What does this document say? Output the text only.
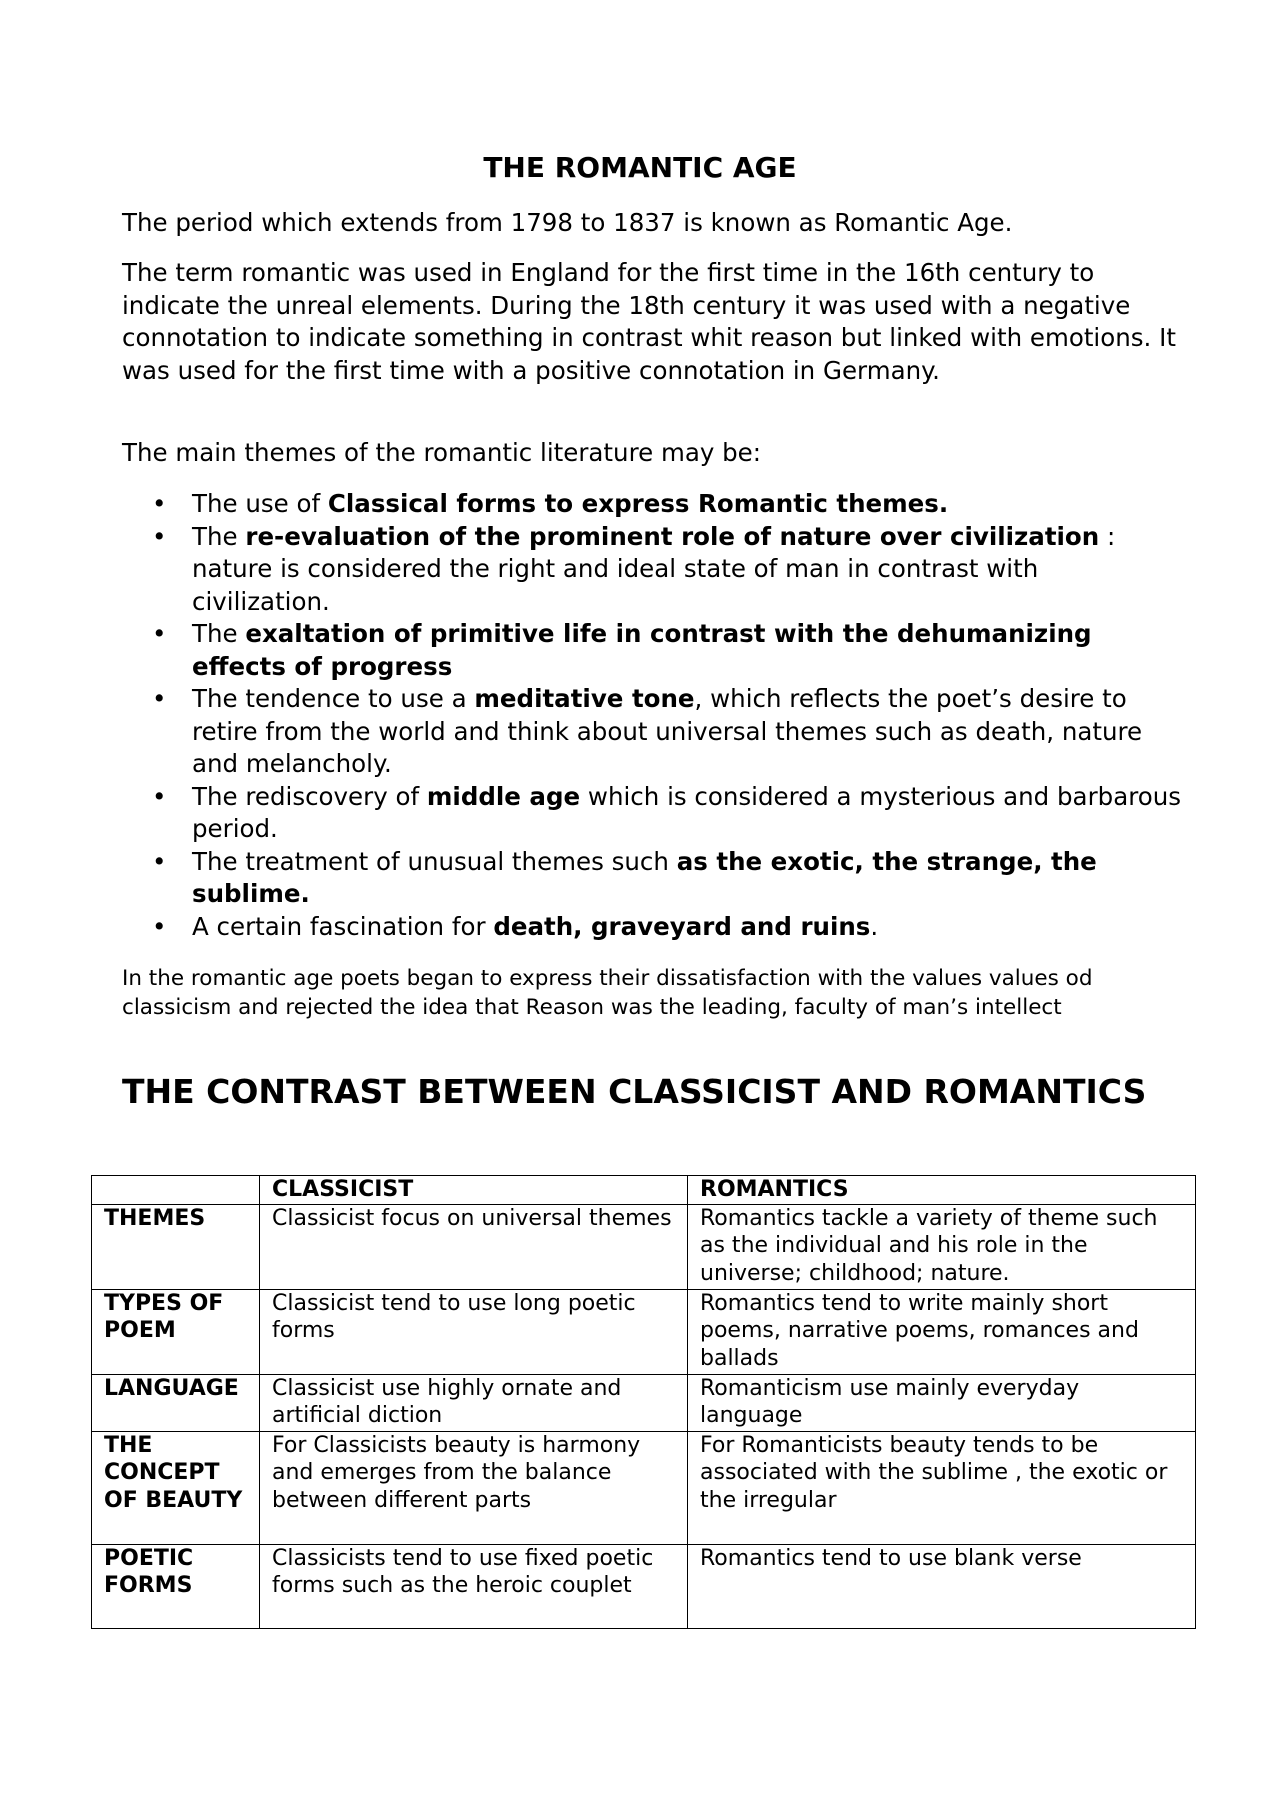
THE ROMANTIC AGE

The period which extends from 1798 to 1837 is known as Romantic Age.

The term romantic was used in England for the first time in the 16th century to indicate the unreal elements. During the 18th century it was used with a negative connotation to indicate something in contrast whit reason but linked with emotions. It was used for the first time with a positive connotation in Germany.

The main themes of the romantic literature may be:

• The use of Classical forms to express Romantic themes.
• The re-evaluation of the prominent role of nature over civilization : nature is considered the right and ideal state of man in contrast with civilization.
• The exaltation of primitive life in contrast with the dehumanizing effects of progress
• The tendence to use a meditative tone, which reflects the poet’s desire to retire from the world and think about universal themes such as death, nature and melancholy.
• The rediscovery of middle age which is considered a mysterious and barbarous period.
• The treatment of unusual themes such as the exotic, the strange, the sublime.
• A certain fascination for death, graveyard and ruins.

In the romantic age poets began to express their dissatisfaction with the values values od classicism and rejected the idea that Reason was the leading, faculty of man’s intellect

THE CONTRAST BETWEEN CLASSICIST AND ROMANTICS
	CLASSICIST	ROMANTICS
THEMES	Classicist focus on universal themes	Romantics tackle a variety of theme such as the individual and his role in the universe; childhood; nature.
TYPES OF POEM	Classicist tend to use long poetic forms	Romantics tend to write mainly short poems, narrative poems, romances and ballads
LANGUAGE	Classicist use highly ornate and artificial diction	Romanticism use mainly everyday language
THE CONCEPT OF BEAUTY	For Classicists beauty is harmony and emerges from the balance between different parts	For Romanticists beauty tends to be associated with the sublime , the exotic or the irregular
POETIC FORMS	Classicists tend to use fixed poetic forms such as the heroic couplet	Romantics tend to use blank verse
